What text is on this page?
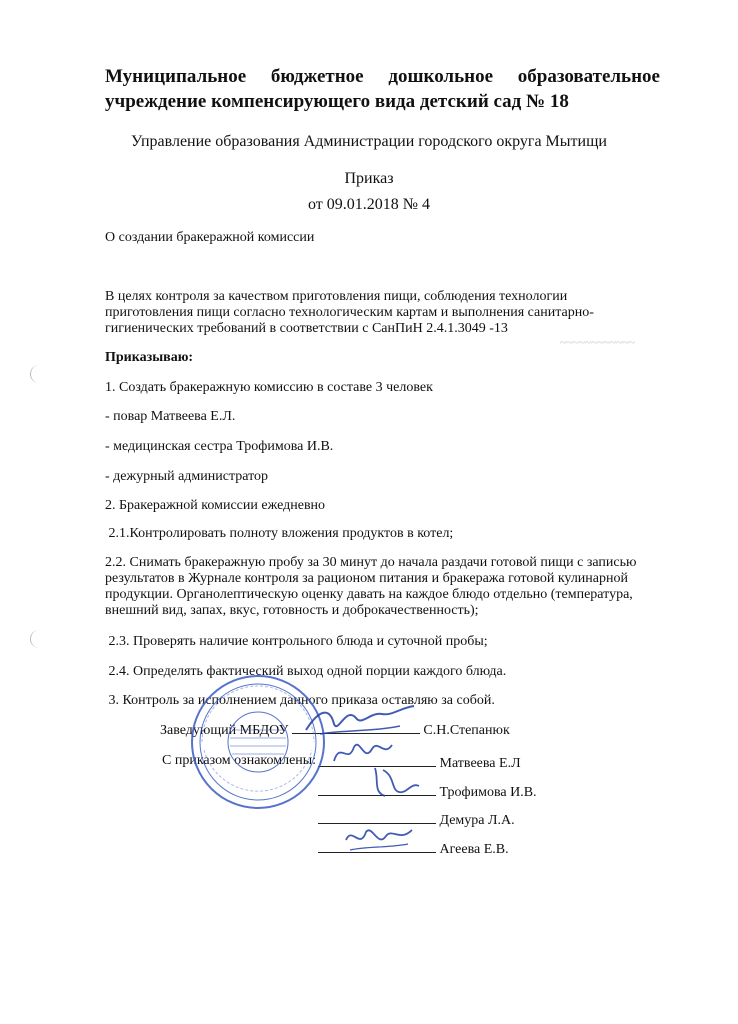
Муниципальное бюджетное дошкольное образовательное
учреждение компенсирующего вида детский сад № 18
Управление образования Администрации городского округа Мытищи
Приказ
от 09.01.2018 № 4
О создании бракеражной комиссии

В целях контроля за качеством приготовления пищи, соблюдения технологии

приготовления пищи согласно технологическим картам и выполнения санитарно-

гигиенических требований в соответствии с СанПиН 2.4.1.3049 -13

~~~~~~~~~~~~
Приказываю:
1. Создать бракеражную комиссию в составе 3 человек
- повар Матвеева Е.Л.
- медицинская сестра Трофимова И.В.
- дежурный администратор
2. Бракеражной комиссии ежедневно
2.1.Контролировать полноту вложения продуктов в котел;
2.2. Снимать бракеражную пробу за 30 минут до начала раздачи готовой пищи с записью результатов в Журнале контроля за рационом питания и бракеража готовой кулинарной продукции. Органолептическую оценку давать на каждое блюдо отдельно (температура, внешний вид, запах, вкус, готовность и доброкачественность);
2.3. Проверять наличие контрольного блюда и суточной пробы;
2.4. Определять фактический выход одной порции каждого блюда.
3. Контроль за исполнением данного приказа оставляю за собой.
Заведующий МБДОУ	С.Н.Степанюк
С приказом ознакомлены:	Матвеева Е.Л
Трофимова И.В.
Демура Л.А.
Агеева Е.В.
